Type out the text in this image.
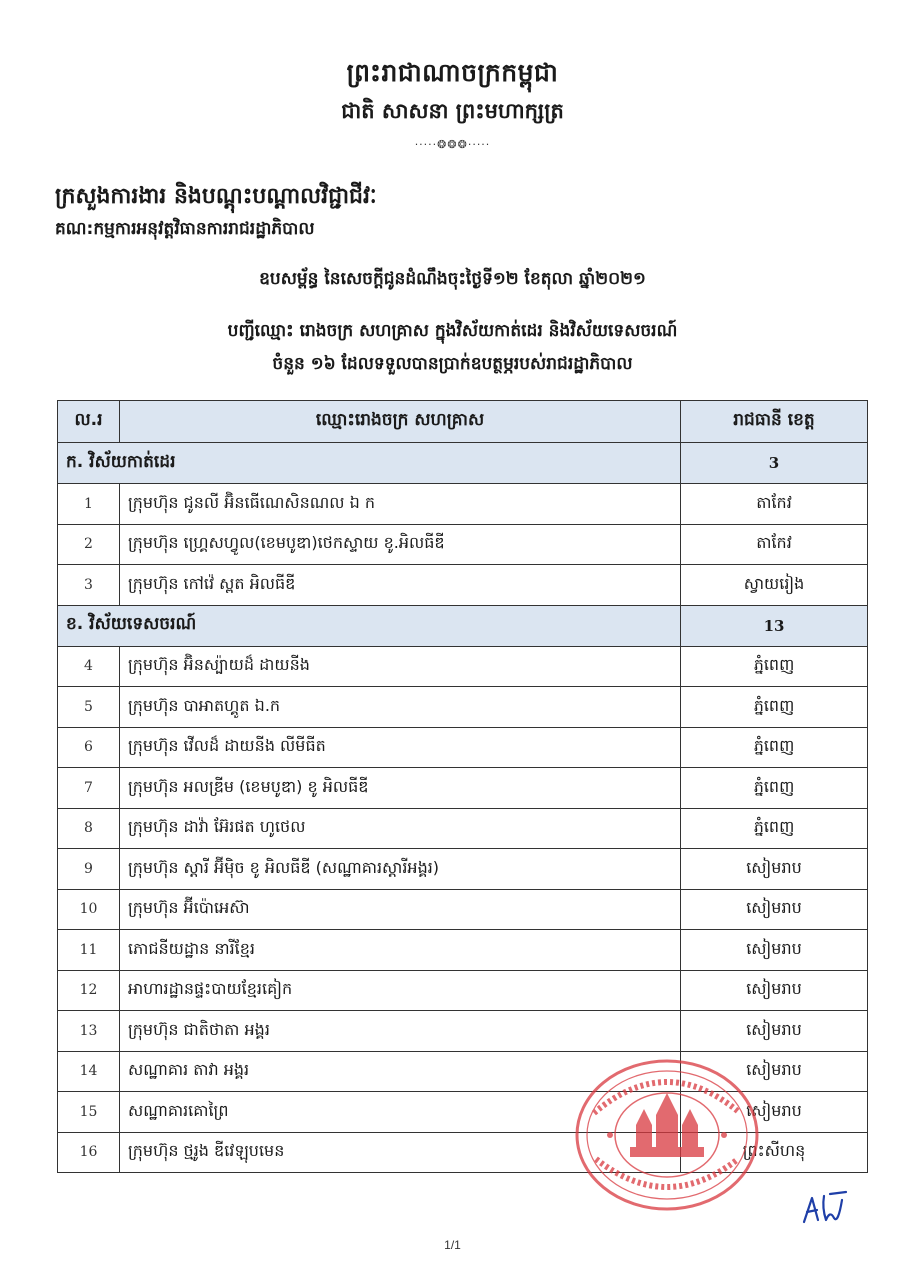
ព្រះរាជាណាចក្រកម្ពុជា
ជាតិ សាសនា ព្រះមហាក្សត្រ
·····❂❂❂·····
ក្រសួងការងារ និងបណ្តុះបណ្តាលវិជ្ជាជីវៈ
គណ:កម្មការអនុវត្តវិធានការរាជរដ្ឋាភិបាល
ឧបសម្ព័ន្ធ នៃសេចក្តីជូនដំណឹងចុះថ្ងៃទី១២ ខែតុលា ឆ្នាំ២០២១
បញ្ជីឈ្មោះ រោងចក្រ សហគ្រាស ក្នុងវិស័យកាត់ដេរ និងវិស័យទេសចរណ៍
ចំនួន ១៦ ដែលទទួលបានប្រាក់ឧបត្ថម្ភរបស់រាជរដ្ឋាភិបាល
ល.រ	ឈ្មោះរោងចក្រ សហគ្រាស	រាជធានី ខេត្ត
ក. វិស័យកាត់ដេរ		3
1	ក្រុមហ៊ុន ជូនលី អ៊ិនធើណេសិនណល ឯ ក	តាកែវ
2	ក្រុមហ៊ុន ហ្គ្រេសហ្វូល(ខេមបូឌា)ថេកស្ទាយ ខូ.អិលធីឌី	តាកែវ
3	ក្រុមហ៊ុន កៅវ៉េ ស្ពត អិលធីឌី	ស្វាយរៀង
ខ. វិស័យទេសចរណ៍		13
4	ក្រុមហ៊ុន អ៊ិនស្ប៉ាយដ៏ ដាយនីង	ភ្នំពេញ
5	ក្រុមហ៊ុន បាអាតហ្គូត ឯ.ក	ភ្នំពេញ
6	ក្រុមហ៊ុន វើលដ៏ ដាយនីង លីមីធីត	ភ្នំពេញ
7	ក្រុមហ៊ុន អលឌ្រីម (ខេមបូឌា) ខូ អិលធីឌី	ភ្នំពេញ
8	ក្រុមហ៊ុន ដាវ៉ា អ៊ែរផត ហូថេល	ភ្នំពេញ
9	ក្រុមហ៊ុន ស្តារី អ៊ីម៉ិច ខូ អិលធីឌី (សណ្ឋាគារស្តារីអង្គរ)	សៀមរាប
10	ក្រុមហ៊ុន អ៊ីប៉ោអេស៊ា	សៀមរាប
11	ភោជនីយដ្ឋាន នារីខ្មែរ	សៀមរាប
12	អាហារដ្ឋានផ្ទះបាយខ្មែរគៀក	សៀមរាប
13	ក្រុមហ៊ុន ជាតិថាតា អង្គរ	សៀមរាប
14	សណ្ឋាគារ តាវា អង្គរ	សៀមរាប
15	សណ្ឋាគារគោព្រៃ	សៀមរាប
16	ក្រុមហ៊ុន ថ្មរូង ឌីវេឡុបមេន	ព្រះសីហនុ
1/1
